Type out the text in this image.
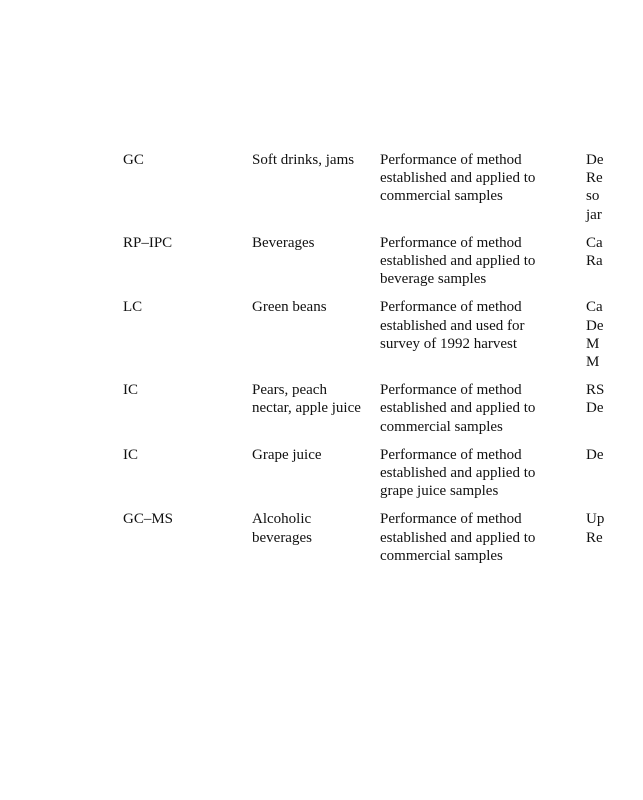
GC	Soft drinks, jams	Performance of method
established and applied to
commercial samples	De
Re
so
jar

RP–IPC	Beverages	Performance of method
established and applied to
beverage samples	Ca
Ra

LC	Green beans	Performance of method
established and used for
survey of 1992 harvest	Ca
De
M
M

IC	Pears, peach
nectar, apple juice	Performance of method
established and applied to
commercial samples	RS
De

IC	Grape juice	Performance of method
established and applied to
grape juice samples	De

GC–MS	Alcoholic
beverages	Performance of method
established and applied to
commercial samples	Up
Re
